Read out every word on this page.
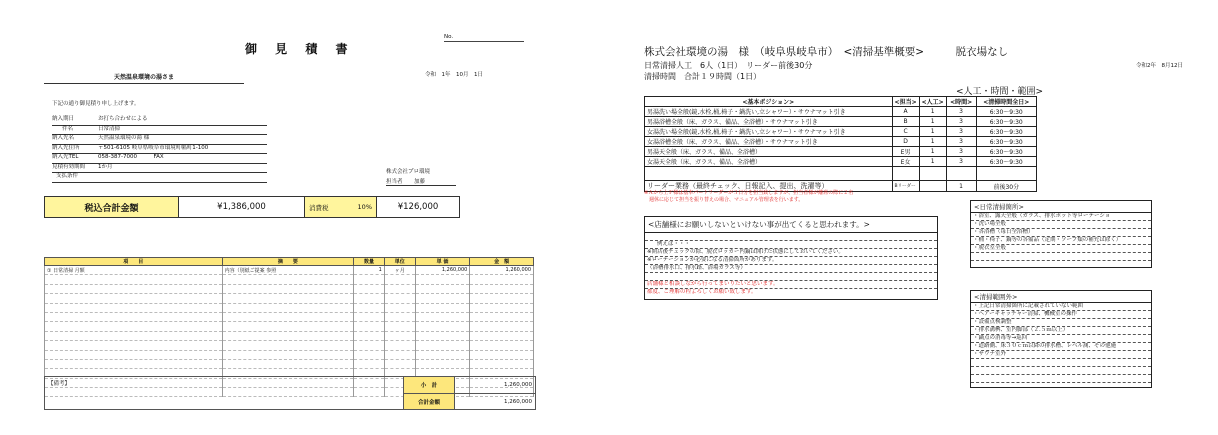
No.
御 見 積 書
令和　1年　10月　1日
天然温泉環境の湯さま
下記の通り御見積り申し上げます。
納入期日	お打ち合わせによる
件名	日常清掃
納入先名	天然温泉環境の湯 様
納入先住所	〒501-6105 岐阜県岐阜市環境町幅町1-100
納入先TEL	058-387-7000　　　FAX
見積有効期間	1か月
支払条件
株式会社プロ環境
担当者	加藤
税込合計金額	¥1,386,000	消費税	10%	¥126,000
項　　目	摘　　要	数量	単位	単 価	金　額
① 日常清掃 月額	内容（別紙ご提案 参照	1	ヶ月	1,260,000	1,260,000

【備考】	小　計	1,260,000
合計金額	1,260,000
株式会社環境の湯　様　（岐阜県岐阜市）　<清掃基準概要>　　　脱衣場なし
日常清掃人工　6人（1日）　リーダー前後30分
清掃時間　合計１９時間（1日）
令和2年　8月12日
<人工・時間・範囲>
<基本ポジション>	<担当>	<人工>	<時間>	<清掃時間全日>
男湯洗い場全般(鏡,水栓,桶,椅子・鍋洗い,立シャワー）・サウナマット引き	A	1	3	6:30～9:30
男湯浴槽全般（床、ガラス、備品、全浴槽）・サウナマット引き	B	1	3	6:30～9:30
女湯洗い場全般(鏡,水栓,桶,椅子・鍋洗い,立シャワー）・サウナマット引き	C	1	3	6:30～9:30
女湯浴槽全般（床、ガラス、備品、全浴槽）・サウナマット引き	D	1	3	6:30～9:30
男湯天全般（床、ガラス、備品、全浴槽）	E男	1	3	6:30～9:30
女湯天全般（床、ガラス、備品、全浴槽）	E女	1	3	6:30～9:30

リーダー業務（最終チェック、日報記入、提出、洗濯等）	Bリーダー		1	前後30分
※Ａから上Ｆ様は基本パートリーダーが３日分を担当致しますが、担当者様が離席の際に２名
　週休に応じて担当を振り替えの場合、マニュアル管理表を行います。
<店舗様にお願いしないといけない事が出てくると思われます。>
例えば・・・
※開店後チェックの際、脱衣ロッカー内鍋は開けた状態にしておいてください。
※ローテーションが必要になる清掃箇所があります。
（浴槽排水口、排水路、浴場ガラス等）
店舗様と相談しながら行ってまいりたいと思います。
都度、ご理解の程よろしくお願い致します。
<日常清掃箇所>
・浴室、露天全般（ガラス、排水ポット等ローテーショ
・洗い場全般
・各浴槽（毎日全浴槽）
・桶・椅子、鍋等の各備品（定期・ソープ類の補充は除く）
・脱衣室全般
<清掃範囲外>
・上記日常清掃箇所に記載されていない範囲
・ヘアーキャッチャー清掃、機械室の操作
・設備点検調整
・排水溝桝、室内脚部（２.５ｍ以上）
・鍋点の消毒等→巡回
・道路側、床３０ｃｍ以降の排水槽、レベル測、その他施
・サウナ室外
